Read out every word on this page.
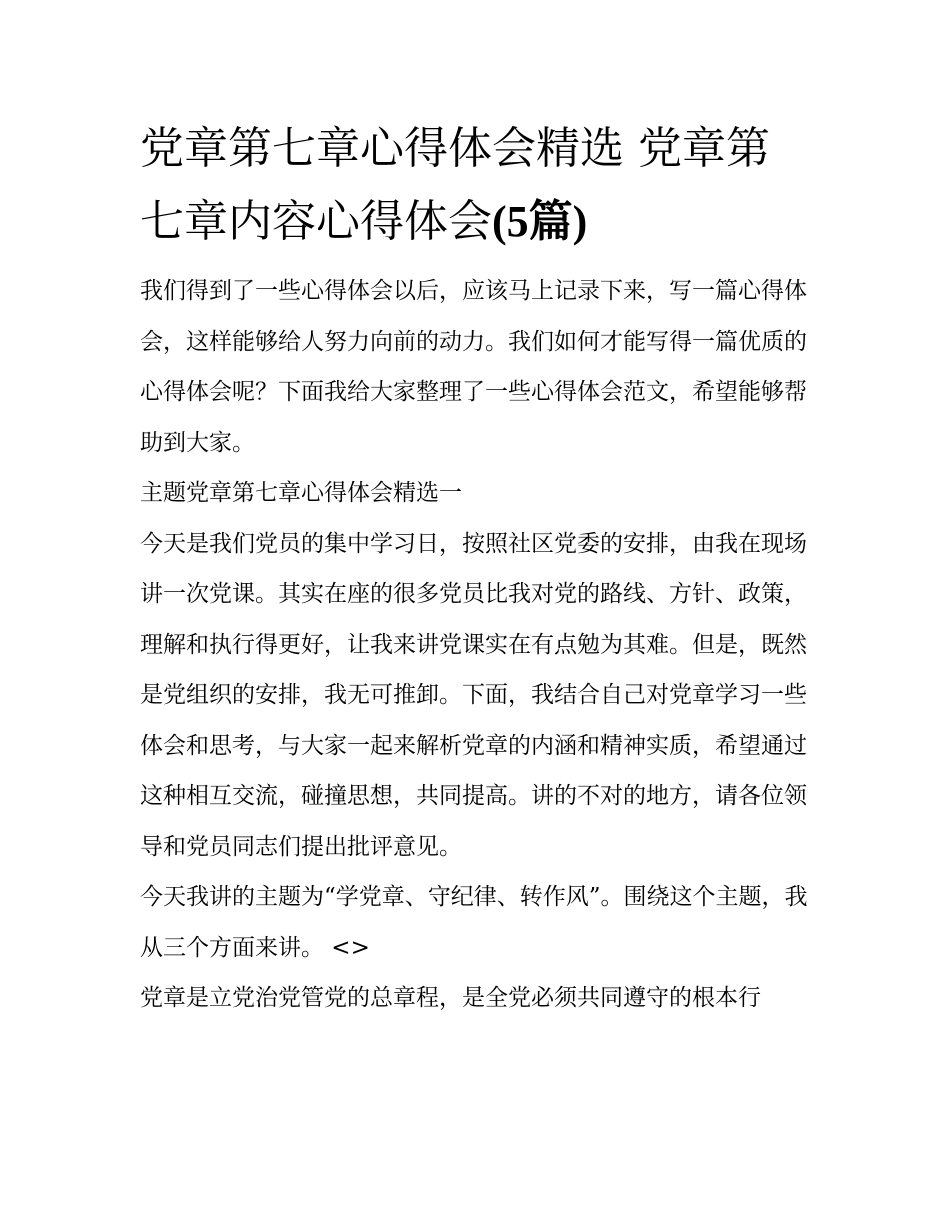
党章第七章心得体会精选 党章第七章内容心得体会(5篇)

我们得到了一些心得体会以后，应该马上记录下来，写一篇心得体会，这样能够给人努力向前的动力。我们如何才能写得一篇优质的心得体会呢？下面我给大家整理了一些心得体会范文，希望能够帮助到大家。

主题党章第七章心得体会精选一

今天是我们党员的集中学习日，按照社区党委的安排，由我在现场讲一次党课。其实在座的很多党员比我对党的路线、方针、政策，理解和执行得更好，让我来讲党课实在有点勉为其难。但是，既然是党组织的安排，我无可推卸。下面，我结合自己对党章学习一些体会和思考，与大家一起来解析党章的内涵和精神实质，希望通过这种相互交流，碰撞思想，共同提高。讲的不对的地方，请各位领导和党员同志们提出批评意见。

今天我讲的主题为“学党章、守纪律、转作风”。围绕这个主题，我从三个方面来讲。 <>

党章是立党治党管党的总章程，是全党必须共同遵守的根本行
